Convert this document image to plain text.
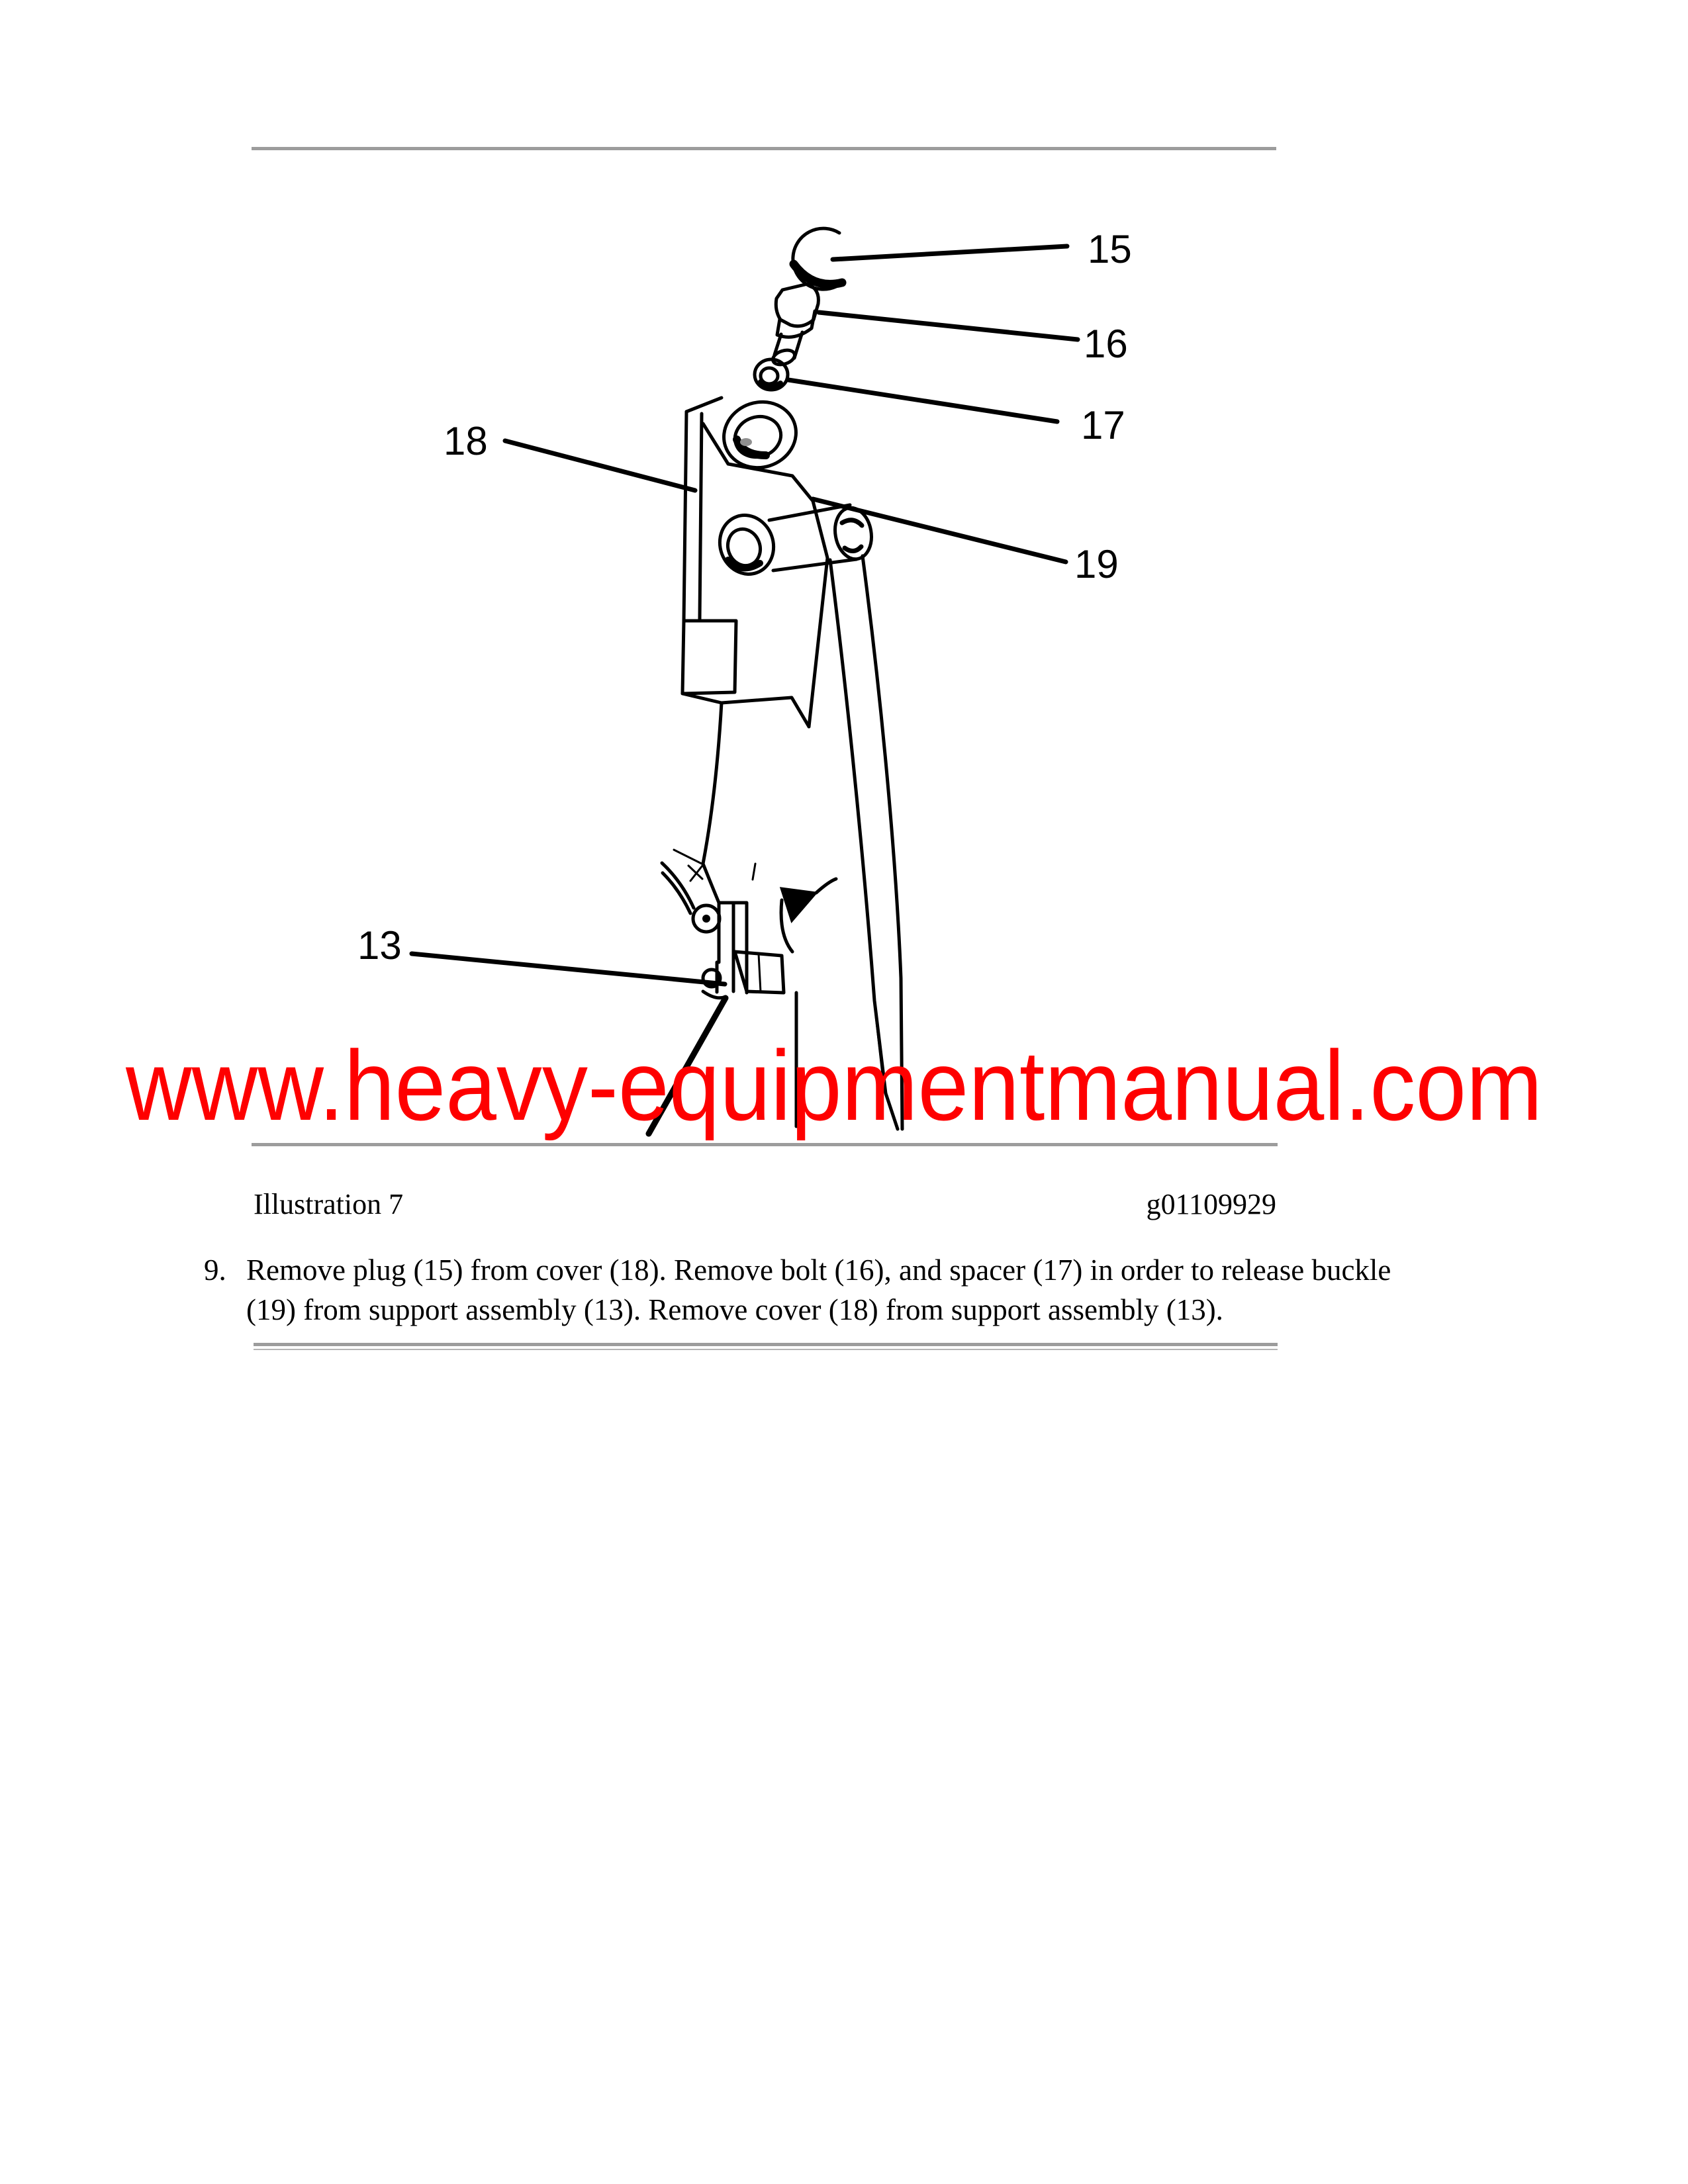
15
16
17
18
19
13
www.heavy-equipmentmanual.com
Illustration 7	g01109929
9. Remove plug (15) from cover (18). Remove bolt (16), and spacer (17) in order to release buckle
(19) from support assembly (13). Remove cover (18) from support assembly (13).
